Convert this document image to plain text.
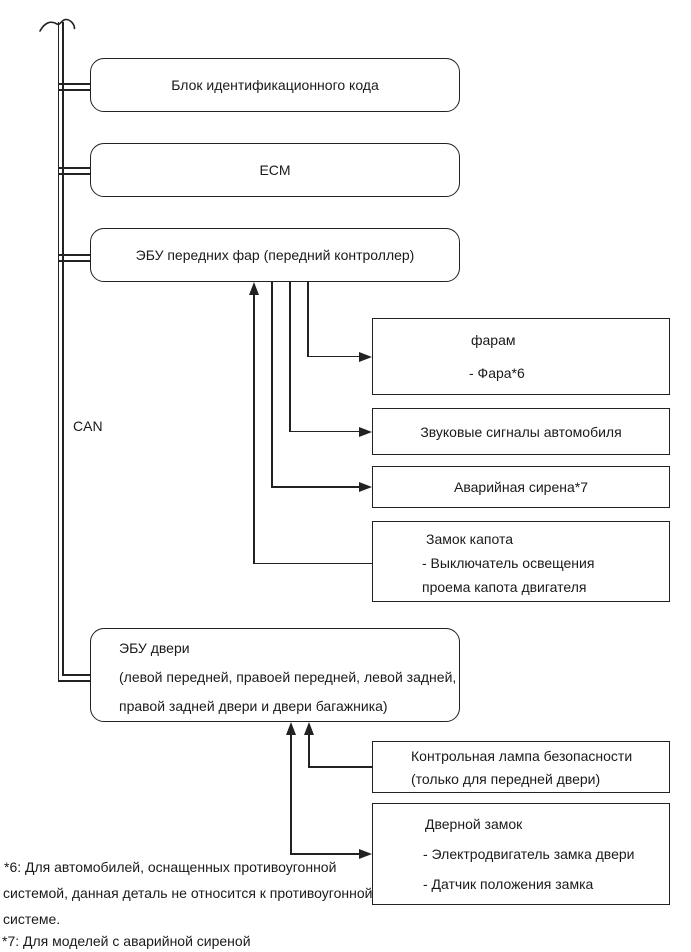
CAN
Блок идентификационного кода
ECM
ЭБУ передних фар (передний контроллер)
ЭБУ двери
(левой передней, правоей передней, левой задней,
правой задней двери и двери багажника)
фарам
- Фара*6
Звуковые сигналы автомобиля
Аварийная сирена*7
Замок капота
- Выключатель освещения
проема капота двигателя
Контрольная лампа безопасности
(только для передней двери)
Дверной замок
- Электродвигатель замка двери
- Датчик положения замка
*6: Для автомобилей, оснащенных противоугонной
системой, данная деталь не относится к противоугонной
системе.
*7: Для моделей с аварийной сиреной
